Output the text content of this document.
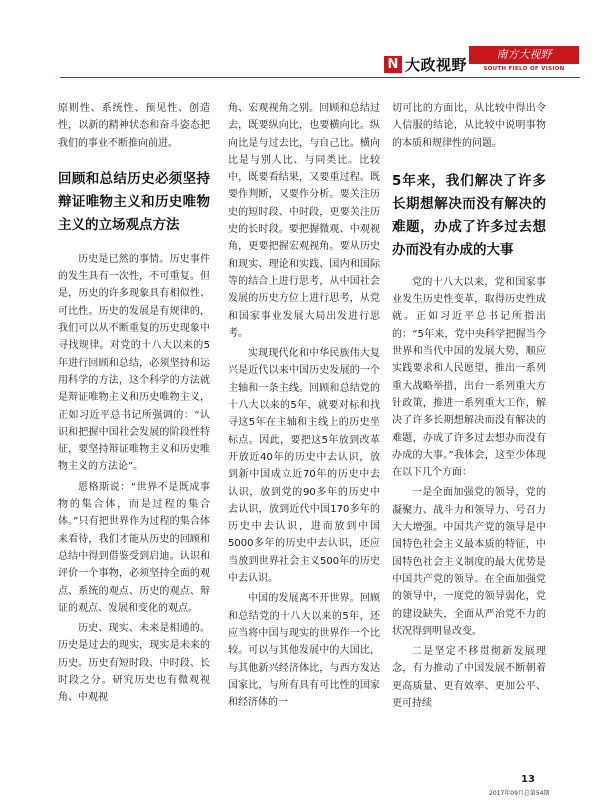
N 大政视野
南方大视野
SOUTH FIELD OF VISION

原则性、系统性、预见性、创造性，以新的精神状态和奋斗姿态把我们的事业不断推向前进。

回顾和总结历史必须坚持辩证唯物主义和历史唯物主义的立场观点方法

历史是已然的事情。历史事件的发生具有一次性，不可重复。但是，历史的许多现象具有相似性、可比性。历史的发展是有规律的，我们可以从不断重复的历史现象中寻找规律。对党的十八大以来的5年进行回顾和总结，必须坚持和运用科学的方法，这个科学的方法就是辩证唯物主义和历史唯物主义，正如习近平总书记所强调的：“认识和把握中国社会发展的阶段性特征，要坚持辩证唯物主义和历史唯物主义的方法论”。

恩格斯说：“世界不是既成事物的集合体，而是过程的集合体。”只有把世界作为过程的集合体来看待，我们才能从历史的回顾和总结中得到借鉴受到启迪。认识和评价一个事物，必须坚持全面的观点、系统的观点、历史的观点、辩证的观点、发展和变化的观点。

历史、现实、未来是相通的。历史是过去的现实，现实是未来的历史。历史有短时段、中时段、长时段之分。研究历史也有微观视角、中观视

角、宏观视角之别。回顾和总结过去，既要纵向比，也要横向比。纵向比是与过去比，与自己比。横向比是与别人比、与同类比。比较中，既要看结果，又要重过程。既要作判断，又要作分析。要关注历史的短时段、中时段，更要关注历史的长时段。要把握微观、中观视角，更要把握宏观视角。要从历史和现实、理论和实践、国内和国际等的结合上进行思考，从中国社会发展的历史方位上进行思考，从党和国家事业发展大局出发进行思考。

实现现代化和中华民族伟大复兴是近代以来中国历史发展的一个主轴和一条主线。回顾和总结党的十八大以来的5年，就要对标和找寻这5年在主轴和主线上的历史坐标点。因此，要把这5年放到改革开放近40年的历史中去认识，放到新中国成立近70年的历史中去认识，放到党的90多年的历史中去认识，放到近代中国170多年的历史中去认识，进而放到中国5000多年的历史中去认识，还应当放到世界社会主义500年的历史中去认识。

中国的发展离不开世界。回顾和总结党的十八大以来的5年，还应当将中国与现实的世界作一个比较。可以与其他发展中的大国比，与其他新兴经济体比，与西方发达国家比，与所有具有可比性的国家和经济体的一

切可比的方面比，从比较中得出令人信服的结论，从比较中说明事物的本质和规律性的问题。

5年来，我们解决了许多长期想解决而没有解决的难题，办成了许多过去想办而没有办成的大事

党的十八大以来，党和国家事业发生历史性变革，取得历史性成就。正如习近平总书记所指出的：“5年来，党中央科学把握当今世界和当代中国的发展大势，顺应实践要求和人民愿望，推出一系列重大战略举措，出台一系列重大方针政策，推进一系列重大工作，解决了许多长期想解决而没有解决的难题，办成了许多过去想办而没有办成的大事。”我体会，这至少体现在以下几个方面：

一是全面加强党的领导，党的凝聚力、战斗力和领导力、号召力大大增强。中国共产党的领导是中国特色社会主义最本质的特征，中国特色社会主义制度的最大优势是中国共产党的领导。在全面加强党的领导中，一度党的领导弱化，党的建设缺失，全面从严治党不力的状况得到明显改变。

二是坚定不移贯彻新发展理念，有力推动了中国发展不断朝着更高质量、更有效率、更加公平、更可持续

13
2017年09月总第54期
